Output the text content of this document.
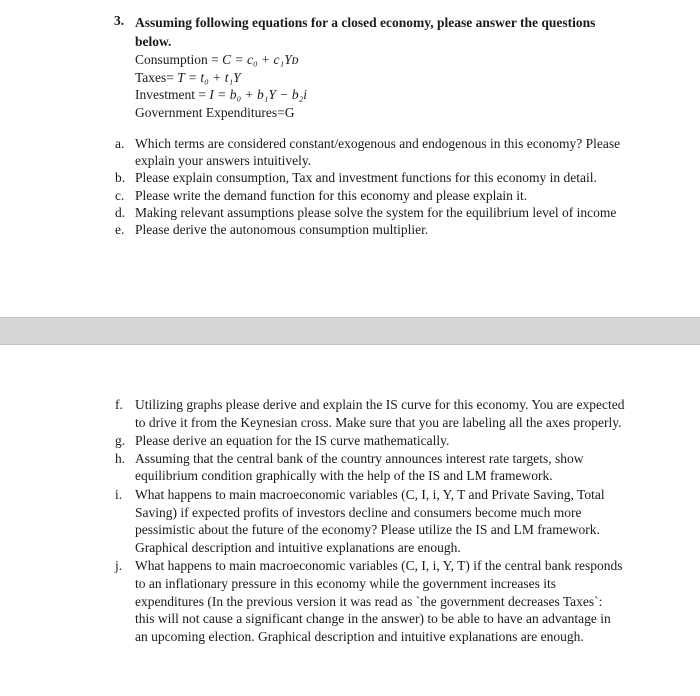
3. Assuming following equations for a closed economy, please answer the questions below.
Consumption = C = c₀ + c₁Yᴅ
Taxes= T = t₀ + t₁Y
Investment = I = b₀ + b₁Y − b₂i
Government Expenditures=G
a. Which terms are considered constant/exogenous and endogenous in this economy? Please explain your answers intuitively.
b. Please explain consumption, Tax and investment functions for this economy in detail.
c. Please write the demand function for this economy and please explain it.
d. Making relevant assumptions please solve the system for the equilibrium level of income
e. Please derive the autonomous consumption multiplier.
f. Utilizing graphs please derive and explain the IS curve for this economy. You are expected to drive it from the Keynesian cross. Make sure that you are labeling all the axes properly.
g. Please derive an equation for the IS curve mathematically.
h. Assuming that the central bank of the country announces interest rate targets, show equilibrium condition graphically with the help of the IS and LM framework.
i. What happens to main macroeconomic variables (C, I, i, Y, T and Private Saving, Total Saving) if expected profits of investors decline and consumers become much more pessimistic about the future of the economy? Please utilize the IS and LM framework. Graphical description and intuitive explanations are enough.
j. What happens to main macroeconomic variables (C, I, i, Y, T) if the central bank responds to an inflationary pressure in this economy while the government increases its expenditures (In the previous version it was read as `the government decreases Taxes`: this will not cause a significant change in the answer) to be able to have an advantage in an upcoming election. Graphical description and intuitive explanations are enough.
